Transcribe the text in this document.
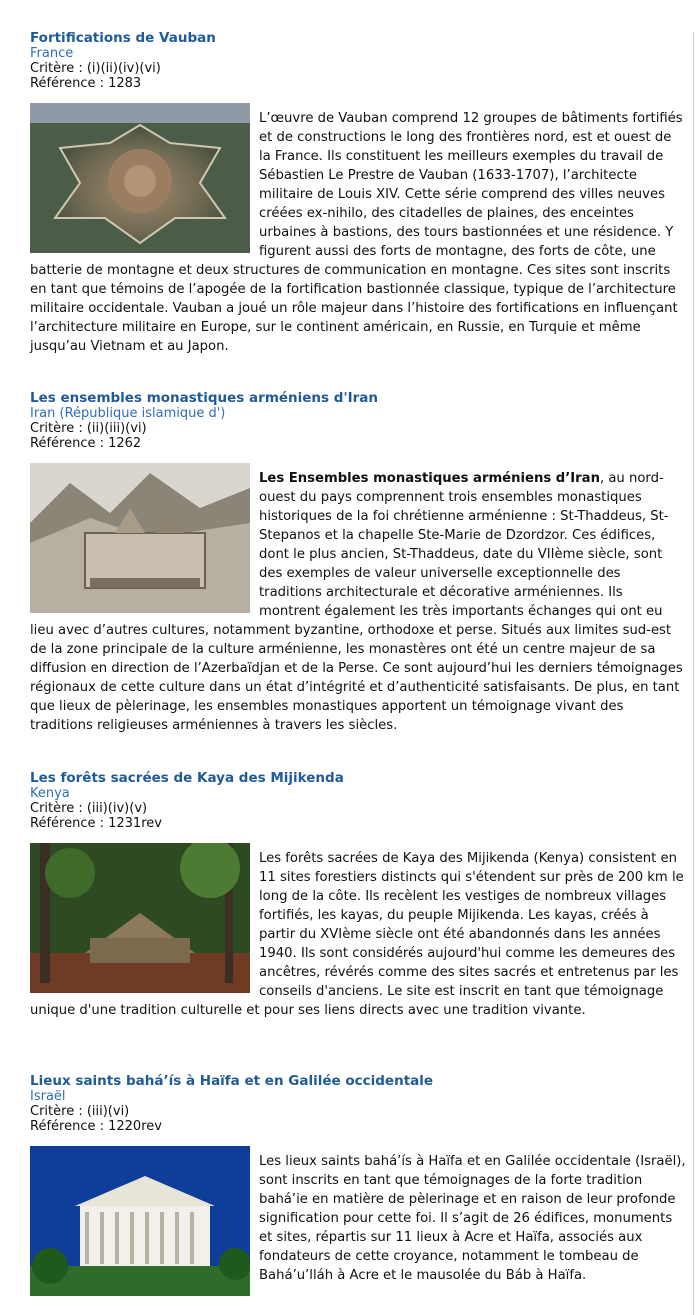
Fortifications de Vauban
France
Critère : (i)(ii)(iv)(vi)
Référence : 1283

L’œuvre de Vauban comprend 12 groupes de bâtiments fortifiés et de constructions le long des frontières nord, est et ouest de la France. Ils constituent les meilleurs exemples du travail de Sébastien Le Prestre de Vauban (1633-1707), l’architecte militaire de Louis XIV. Cette série comprend des villes neuves créées ex-nihilo, des citadelles de plaines, des enceintes urbaines à bastions, des tours bastionnées et une résidence. Y figurent aussi des forts de montagne, des forts de côte, une batterie de montagne et deux structures de communication en montagne. Ces sites sont inscrits en tant que témoins de l’apogée de la fortification bastionnée classique, typique de l’architecture militaire occidentale. Vauban a joué un rôle majeur dans l’histoire des fortifications en influençant l’architecture militaire en Europe, sur le continent américain, en Russie, en Turquie et même jusqu’au Vietnam et au Japon.

Les ensembles monastiques arméniens d'Iran
Iran (République islamique d')
Critère : (ii)(iii)(vi)
Référence : 1262

Les Ensembles monastiques arméniens d’Iran, au nord-ouest du pays comprennent trois ensembles monastiques historiques de la foi chrétienne arménienne : St-Thaddeus, St-Stepanos et la chapelle Ste-Marie de Dzordzor. Ces édifices, dont le plus ancien, St-Thaddeus, date du VIIème siècle, sont des exemples de valeur universelle exceptionnelle des traditions architecturale et décorative arméniennes. Ils montrent également les très importants échanges qui ont eu lieu avec d’autres cultures, notamment byzantine, orthodoxe et perse. Situés aux limites sud-est de la zone principale de la culture arménienne, les monastères ont été un centre majeur de sa diffusion en direction de l’Azerbaïdjan et de la Perse. Ce sont aujourd’hui les derniers témoignages régionaux de cette culture dans un état d’intégrité et d’authenticité satisfaisants. De plus, en tant que lieux de pèlerinage, les ensembles monastiques apportent un témoignage vivant des traditions religieuses arméniennes à travers les siècles.

Les forêts sacrées de Kaya des Mijikenda
Kenya
Critère : (iii)(iv)(v)
Référence : 1231rev

Les forêts sacrées de Kaya des Mijikenda (Kenya) consistent en 11 sites forestiers distincts qui s'étendent sur près de 200 km le long de la côte. Ils recèlent les vestiges de nombreux villages fortifiés, les kayas, du peuple Mijikenda. Les kayas, créés à partir du XVIème siècle ont été abandonnés dans les années 1940. Ils sont considérés aujourd'hui comme les demeures des ancêtres, révérés comme des sites sacrés et entretenus par les conseils d'anciens. Le site est inscrit en tant que témoignage unique d'une tradition culturelle et pour ses liens directs avec une tradition vivante.

Lieux saints bahá’ís à Haïfa et en Galilée occidentale
Israël
Critère : (iii)(vi)
Référence : 1220rev

Les lieux saints bahá’ís à Haïfa et en Galilée occidentale (Israël), sont inscrits en tant que témoignages de la forte tradition bahá’ie en matière de pèlerinage et en raison de leur profonde signification pour cette foi. Il s’agit de 26 édifices, monuments et sites, répartis sur 11 lieux à Acre et Haïfa, associés aux fondateurs de cette croyance, notamment le tombeau de Bahá’u’lláh à Acre et le mausolée du Báb à Haïfa.
